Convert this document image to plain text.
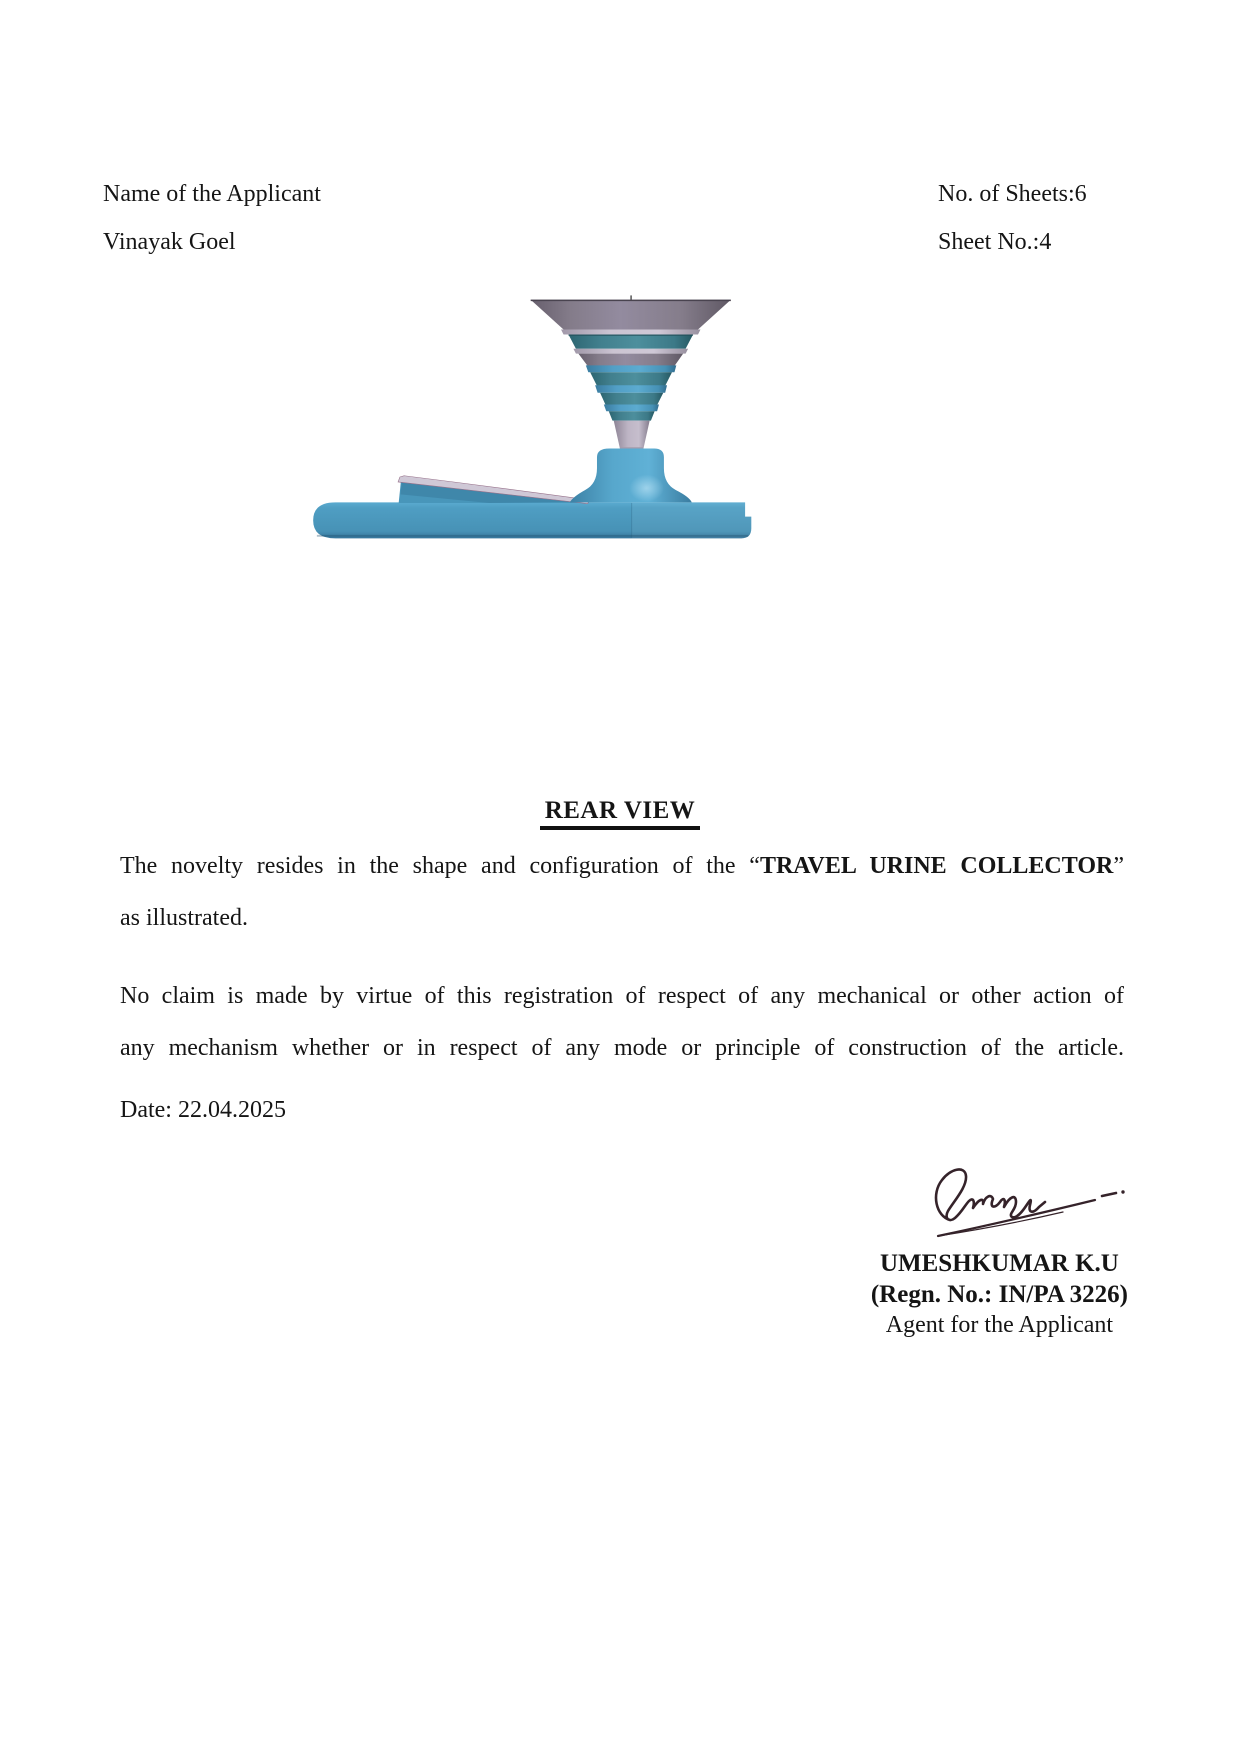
Name of the Applicant
Vinayak Goel
No. of Sheets:6
Sheet No.:4
REAR VIEW
The novelty resides in the shape and configuration of the “TRAVEL URINE COLLECTOR”
as illustrated.
No claim is made by virtue of this registration of respect of any mechanical or other action of
any mechanism whether or in respect of any mode or principle of construction of the article.
Date: 22.04.2025
UMESHKUMAR K.U
(Regn. No.: IN/PA 3226)
Agent for the Applicant
